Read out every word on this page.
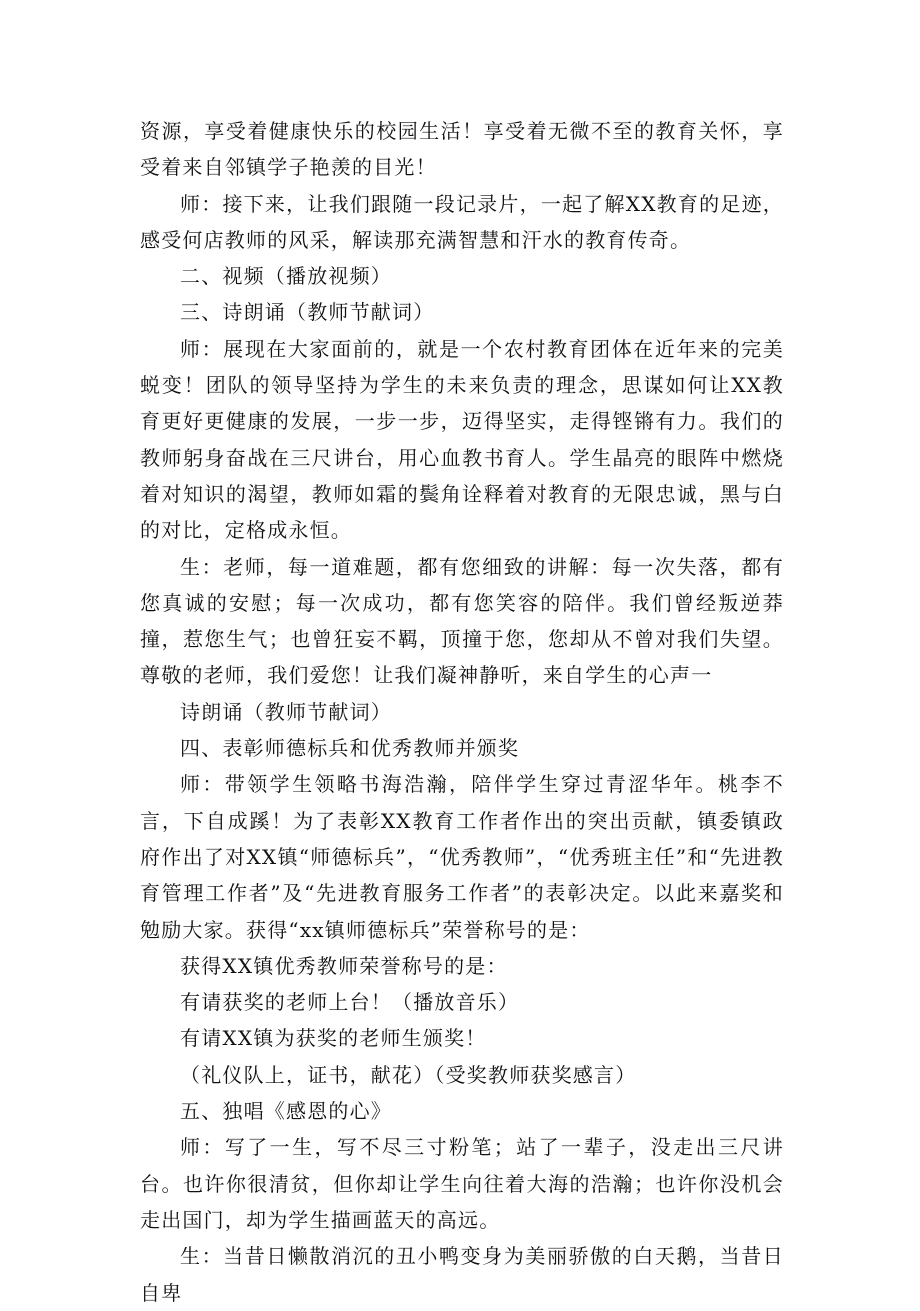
资源，享受着健康快乐的校园生活！享受着无微不至的教育关怀，享受着来自邻镇学子艳羡的目光！

师：接下来，让我们跟随一段记录片，一起了解XX教育的足迹，感受何店教师的风采，解读那充满智慧和汗水的教育传奇。

二、视频（播放视频）

三、诗朗诵（教师节献词）

师：展现在大家面前的，就是一个农村教育团体在近年来的完美蜕变！团队的领导坚持为学生的未来负责的理念，思谋如何让XX教育更好更健康的发展，一步一步，迈得坚实，走得铿锵有力。我们的教师躬身奋战在三尺讲台，用心血教书育人。学生晶亮的眼阵中燃烧着对知识的渴望，教师如霜的鬓角诠释着对教育的无限忠诚，黑与白的对比，定格成永恒。

生：老师，每一道难题，都有您细致的讲解：每一次失落，都有您真诚的安慰；每一次成功，都有您笑容的陪伴。我们曾经叛逆莽撞，惹您生气；也曾狂妄不羁，顶撞于您，您却从不曾对我们失望。尊敬的老师，我们爱您！让我们凝神静听，来自学生的心声一

诗朗诵（教师节献词）

四、表彰师德标兵和优秀教师并颁奖

师：带领学生领略书海浩瀚，陪伴学生穿过青涩华年。桃李不言，下自成蹊！为了表彰XX教育工作者作出的突出贡献，镇委镇政府作出了对XX镇“师德标兵”，“优秀教师”，“优秀班主任”和“先进教育管理工作者”及“先进教育服务工作者”的表彰决定。以此来嘉奖和勉励大家。获得“xx镇师德标兵”荣誉称号的是：

获得XX镇优秀教师荣誉称号的是：

有请获奖的老师上台！（播放音乐）

有请XX镇为获奖的老师生颁奖！

（礼仪队上，证书，献花）（受奖教师获奖感言）

五、独唱《感恩的心》

师：写了一生，写不尽三寸粉笔；站了一辈子，没走出三尺讲台。也许你很清贫，但你却让学生向往着大海的浩瀚；也许你没机会走出国门，却为学生描画蓝天的高远。

生：当昔日懒散消沉的丑小鸭变身为美丽骄傲的白天鹅，当昔日自卑
